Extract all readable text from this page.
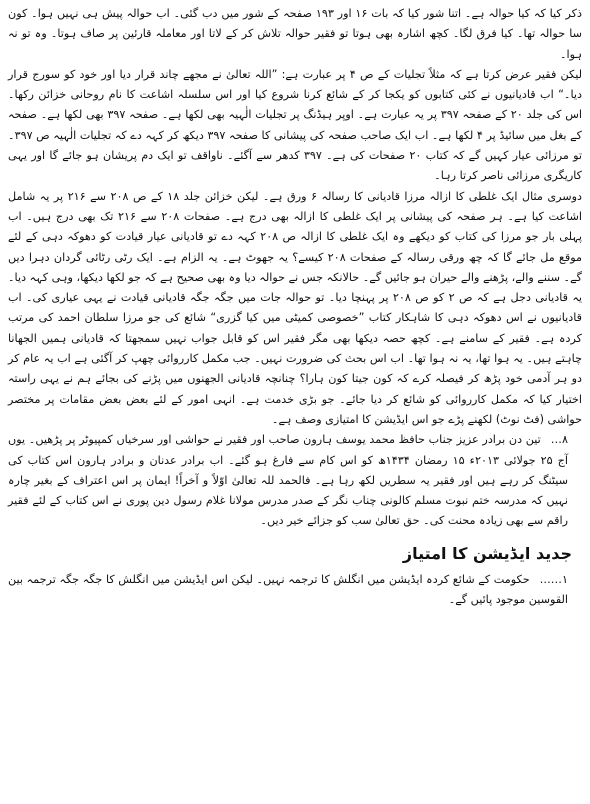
ذکر کیا کہ کیا حوالہ ہے۔ اتنا شور کیا کہ بات ۱۶ اور ۱۹۳ صفحہ کے شور میں دب گئی۔ اب حوالہ پیش ہی نہیں ہوا۔ کون سا حوالہ تھا۔ کیا فرق لگا۔ کچھ اشارہ بھی ہوتا تو فقیر حوالہ تلاش کر کے لاتا اور معاملہ قارئین پر صاف ہوتا۔ وہ تو نہ ہوا۔

لیکن فقیر عرض کرتا ہے کہ مثلاً تجلیات کے ص ۴ پر عبارت ہے: ”اللہ تعالیٰ نے مجھے چاند قرار دیا اور خود کو سورج قرار دیا۔“ اب قادیانیوں نے کئی کتابوں کو یکجا کر کے شائع کرنا شروع کیا اور اس سلسلہ اشاعت کا نام روحانی خزائن رکھا۔ اس کی جلد ۲۰ کے صفحہ ۳۹۷ پر یہ عبارت ہے۔ اوپر ہیڈنگ پر تجلیات الٰہیہ بھی لکھا ہے۔ صفحہ ۳۹۷ بھی لکھا ہے۔ صفحہ کے بغل میں سائیڈ پر ۴ لکھا ہے۔ اب ایک صاحب صفحہ کی پیشانی کا صفحہ ۳۹۷ دیکھ کر کہہ دے کہ تجلیات الٰہیہ ص ۳۹۷۔ تو مرزائی عیار کہیں گے کہ کتاب ۲۰ صفحات کی ہے۔ ۳۹۷ کدھر سے آگئے۔ ناواقف تو ایک دم پریشان ہو جائے گا اور یہی کاریگری مرزائی ناصر کرتا رہا۔

دوسری مثال ایک غلطی کا ازالہ مرزا قادیانی کا رسالہ ۶ ورق ہے۔ لیکن خزائن جلد ۱۸ کے ص ۲۰۸ سے ۲۱۶ پر یہ شامل اشاعت کیا ہے۔ ہر صفحہ کی پیشانی پر ایک غلطی کا ازالہ بھی درج ہے۔ صفحات ۲۰۸ سے ۲۱۶ تک بھی درج ہیں۔ اب پہلی بار جو مرزا کی کتاب کو دیکھے وہ ایک غلطی کا ازالہ ص ۲۰۸ کہہ دے تو قادیانی عیار قیادت کو دھوکہ دہی کے لئے موقع مل جائے گا کہ چھ ورقی رسالہ کے صفحات ۲۰۸ کیسے؟ یہ جھوٹ ہے۔ یہ الزام ہے۔ ایک رٹی رٹائی گردان دہرا دیں گے۔ سننے والے، پڑھنے والے حیران ہو جائیں گے۔ حالانکہ جس نے حوالہ دیا وہ بھی صحیح ہے کہ جو لکھا دیکھا، وہی کہہ دیا۔ یہ قادیانی دجل ہے کہ ص ۲ کو ص ۲۰۸ پر پہنچا دیا۔ تو حوالہ جات میں جگہ جگہ قادیانی قیادت نے یہی عیاری کی۔ اب قادیانیوں نے اس دھوکہ دہی کا شاہکار کتاب ”خصوصی کمیٹی میں کیا گزری“ شائع کی جو مرزا سلطان احمد کی مرتب کردہ ہے۔ فقیر کے سامنے ہے۔ کچھ حصہ دیکھا بھی مگر فقیر اس کو قابل جواب نہیں سمجھتا کہ قادیانی ہمیں الجھانا چاہتے ہیں۔ یہ ہوا تھا، یہ نہ ہوا تھا۔ اب اس بحث کی ضرورت نہیں۔ جب مکمل کارروائی چھپ کر آگئی ہے اب یہ عام کر دو ہر آدمی خود پڑھ کر فیصلہ کرے کہ کون جیتا کون ہارا؟ چنانچہ قادیانی الجھنوں میں پڑنے کی بجائے ہم نے یہی راستہ اختیار کیا کہ مکمل کارروائی کو شائع کر دیا جائے۔ جو بڑی خدمت ہے۔ انہی امور کے لئے بعض بعض مقامات پر مختصر حواشی (فٹ نوٹ) لکھنے پڑے جو اس ایڈیشن کا امتیازی وصف ہے۔

۸…تین دن برادر عزیز جناب حافظ محمد یوسف ہارون صاحب اور فقیر نے حواشی اور سرخیاں کمپیوٹر پر پڑھیں۔ یوں آج ۲۵ جولائی ۲۰۱۳ء ۱۵ رمضان ۱۴۳۴ھ کو اس کام سے فارغ ہو گئے۔ اب برادر عدنان و برادر ہارون اس کتاب کی سیٹنگ کر رہے ہیں اور فقیر یہ سطریں لکھ رہا ہے۔ فالحمد للہ تعالیٰ اوّلاً و آخراً! ایمان پر اس اعتراف کے بغیر چارہ نہیں کہ مدرسہ ختم نبوت مسلم کالونی چناب نگر کے صدر مدرس مولانا غلام رسول دین پوری نے اس کتاب کے لئے فقیر راقم سے بھی زیادہ محنت کی۔ حق تعالیٰ سب کو جزائے خیر دیں۔

جدید ایڈیشن کا امتیاز

۱……حکومت کے شائع کردہ ایڈیشن میں انگلش کا ترجمہ نہیں۔ لیکن اس ایڈیشن میں انگلش کا جگہ جگہ ترجمہ بین القوسین موجود پائیں گے۔
